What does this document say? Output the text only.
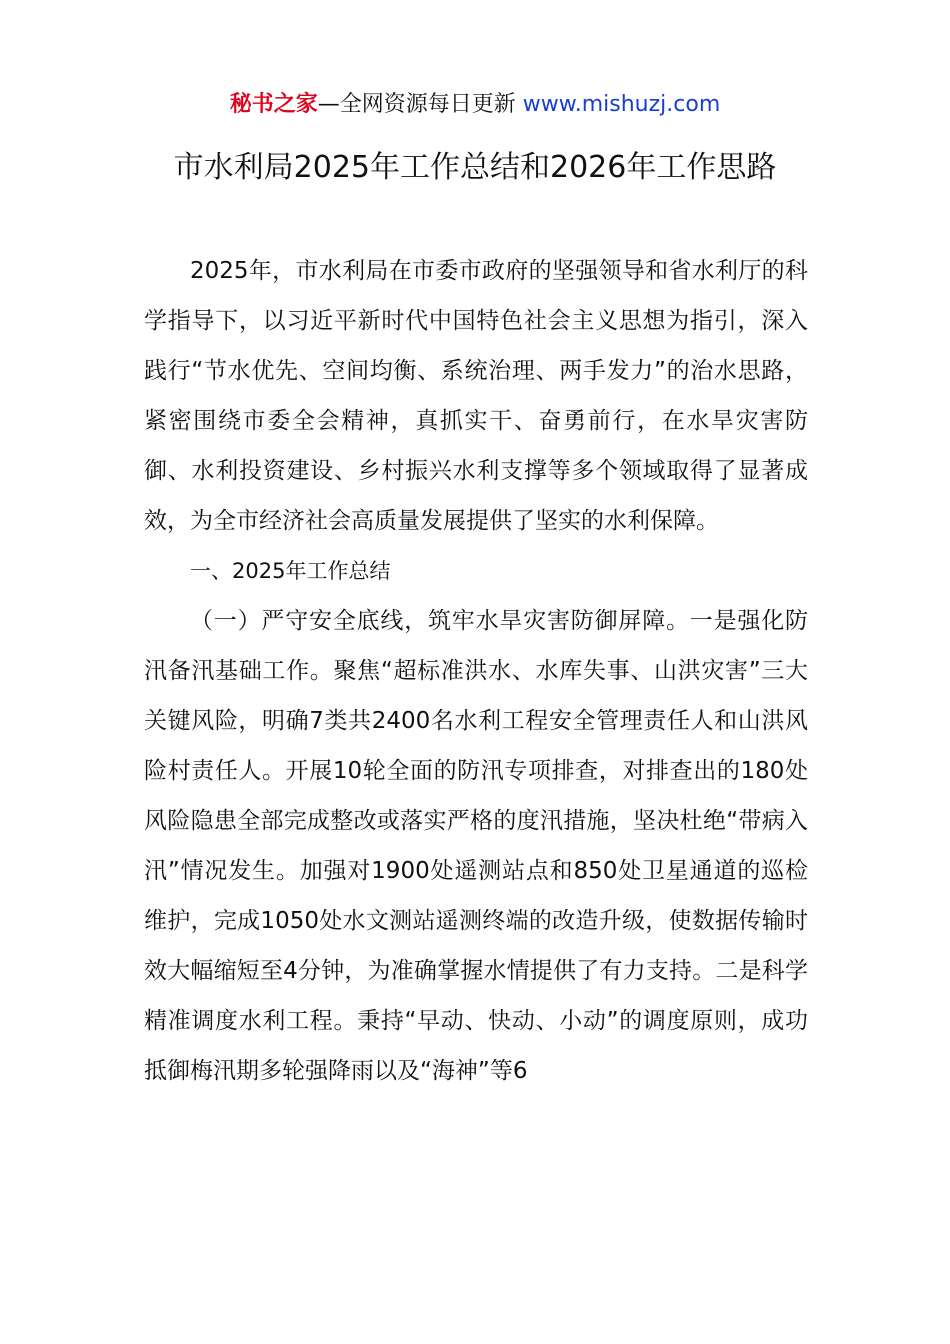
秘书之家—全网资源每日更新 www.mishuzj.com
市水利局2025年工作总结和2026年工作思路

2025年，市水利局在市委市政府的坚强领导和省水利厅的科学指导下，以习近平新时代中国特色社会主义思想为指引，深入践行“节水优先、空间均衡、系统治理、两手发力”的治水思路，紧密围绕市委全会精神，真抓实干、奋勇前行，在水旱灾害防御、水利投资建设、乡村振兴水利支撑等多个领域取得了显著成效，为全市经济社会高质量发展提供了坚实的水利保障。

一、2025年工作总结

（一）严守安全底线，筑牢水旱灾害防御屏障。一是强化防汛备汛基础工作。聚焦“超标准洪水、水库失事、山洪灾害”三大关键风险，明确7类共2400名水利工程安全管理责任人和山洪风险村责任人。开展10轮全面的防汛专项排查，对排查出的180处风险隐患全部完成整改或落实严格的度汛措施，坚决杜绝“带病入汛”情况发生。加强对1900处遥测站点和850处卫星通道的巡检维护，完成1050处水文测站遥测终端的改造升级，使数据传输时效大幅缩短至4分钟，为准确掌握水情提供了有力支持。二是科学精准调度水利工程。秉持“早动、快动、小动”的调度原则，成功抵御梅汛期多轮强降雨以及“海神”等6
